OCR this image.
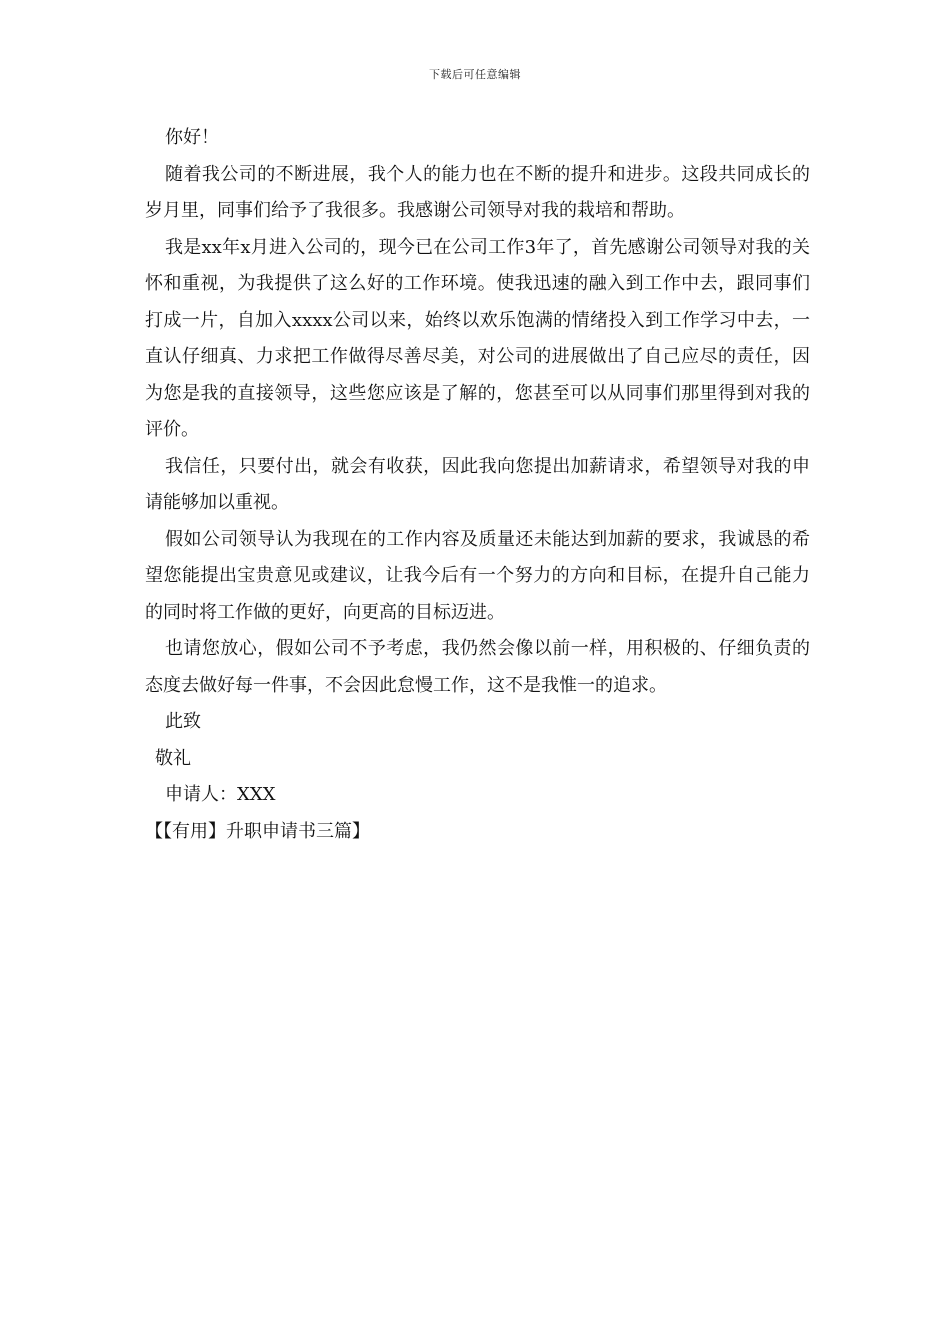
下载后可任意编辑

你好！

随着我公司的不断进展，我个人的能力也在不断的提升和进步。这段共同成长的岁月里，同事们给予了我很多。我感谢公司领导对我的栽培和帮助。

我是xx年x月进入公司的，现今已在公司工作3年了，首先感谢公司领导对我的关怀和重视，为我提供了这么好的工作环境。使我迅速的融入到工作中去，跟同事们打成一片，自加入xxxx公司以来，始终以欢乐饱满的情绪投入到工作学习中去，一直认仔细真、力求把工作做得尽善尽美，对公司的进展做出了自己应尽的责任，因为您是我的直接领导，这些您应该是了解的，您甚至可以从同事们那里得到对我的评价。

我信任，只要付出，就会有收获，因此我向您提出加薪请求，希望领导对我的申请能够加以重视。

假如公司领导认为我现在的工作内容及质量还未能达到加薪的要求，我诚恳的希望您能提出宝贵意见或建议，让我今后有一个努力的方向和目标，在提升自己能力的同时将工作做的更好，向更高的目标迈进。

也请您放心，假如公司不予考虑，我仍然会像以前一样，用积极的、仔细负责的态度去做好每一件事，不会因此怠慢工作，这不是我惟一的追求。

此致

敬礼

申请人：XXX

【【有用】升职申请书三篇】
